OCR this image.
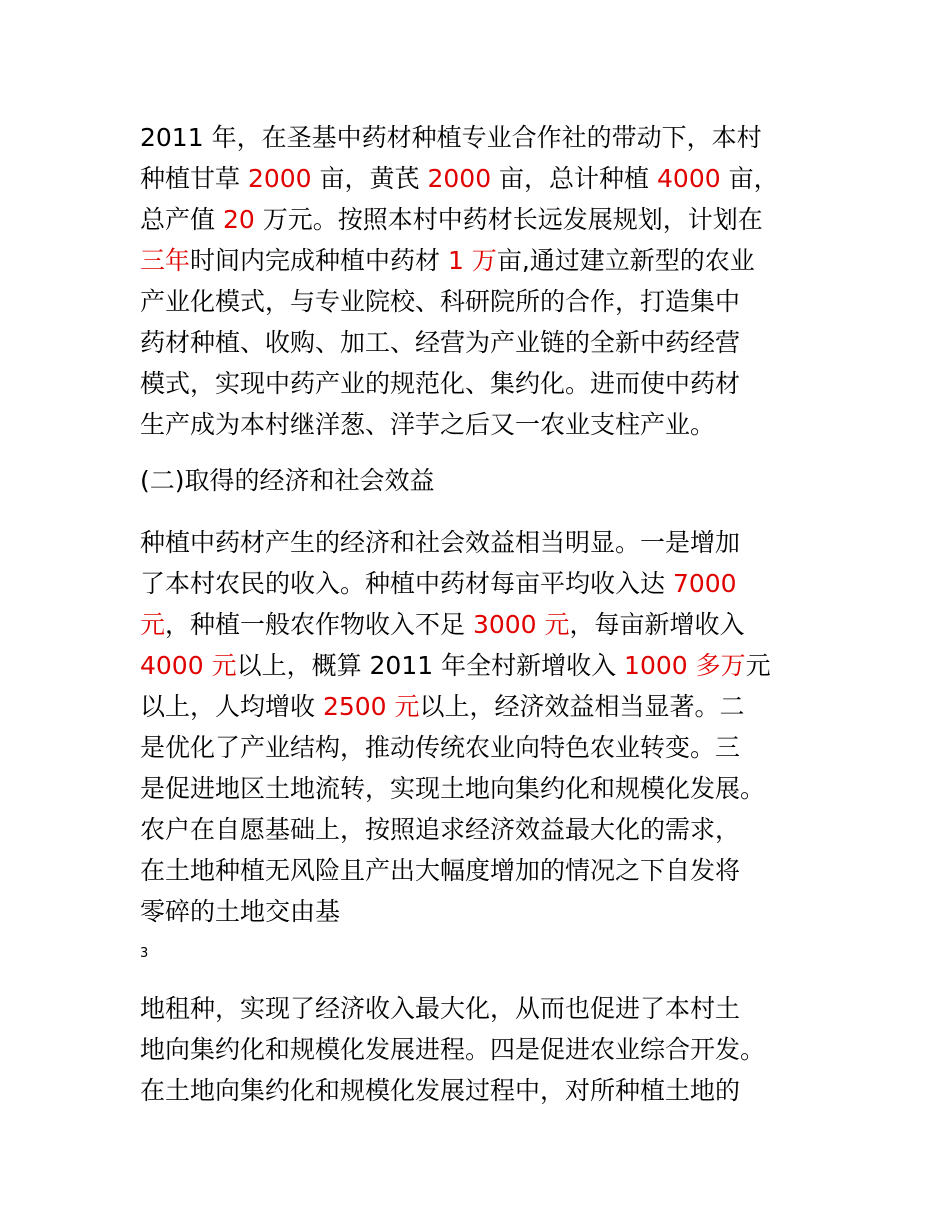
2011 年，在圣基中药材种植专业合作社的带动下，本村
种植甘草 2000 亩，黄芪 2000 亩，总计种植 4000 亩，
总产值 20 万元。按照本村中药材长远发展规划，计划在
三年时间内完成种植中药材 1 万亩,通过建立新型的农业
产业化模式，与专业院校、科研院所的合作，打造集中
药材种植、收购、加工、经营为产业链的全新中药经营
模式，实现中药产业的规范化、集约化。进而使中药材
生产成为本村继洋葱、洋芋之后又一农业支柱产业。
(二)取得的经济和社会效益
种植中药材产生的经济和社会效益相当明显。一是增加
了本村农民的收入。种植中药材每亩平均收入达 7000
元，种植一般农作物收入不足 3000 元，每亩新增收入
4000 元以上，概算 2011 年全村新增收入 1000 多万元
以上，人均增收 2500 元以上，经济效益相当显著。二
是优化了产业结构，推动传统农业向特色农业转变。三
是促进地区土地流转，实现土地向集约化和规模化发展。
农户在自愿基础上，按照追求经济效益最大化的需求，
在土地种植无风险且产出大幅度增加的情况之下自发将
零碎的土地交由基
3
地租种，实现了经济收入最大化，从而也促进了本村土
地向集约化和规模化发展进程。四是促进农业综合开发。
在土地向集约化和规模化发展过程中，对所种植土地的
